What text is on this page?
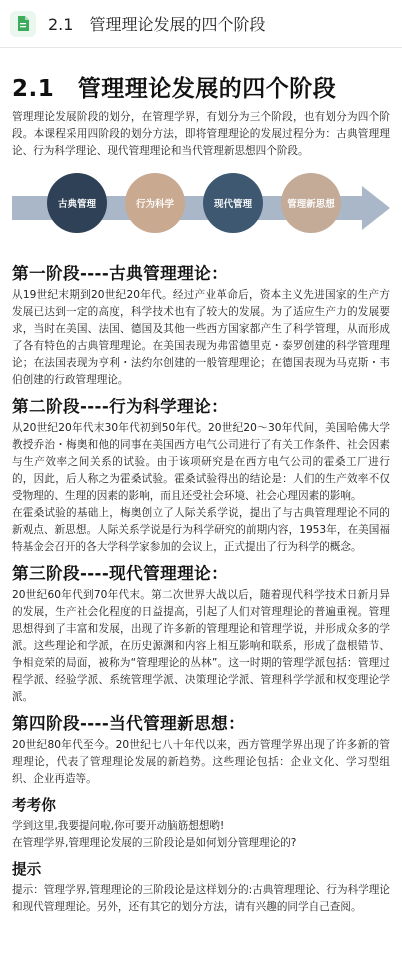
2.1　管理理论发展的四个阶段
2.1　管理理论发展的四个阶段

管理理论发展阶段的划分，在管理学界，有划分为三个阶段，也有划分为四个阶段。本课程采用四阶段的划分方法，即将管理理论的发展过程分为：古典管理理论、行为科学理论、现代管理理论和当代管理新思想四个阶段。

古典管理	行为科学	现代管理	管理新思想
第一阶段----古典管理理论：

从19世纪末期到20世纪20年代。经过产业革命后，资本主义先进国家的生产方发展已达到一定的高度，科学技术也有了较大的发展。为了适应生产力的发展要求，当时在美国、法国、德国及其他一些西方国家都产生了科学管理，从而形成了各有特色的古典管理理论。在美国表现为弗雷德里克・泰罗创建的科学管理理论；在法国表现为亨利・法约尔创建的一般管理理论；在德国表现为马克斯・韦伯创建的行政管理理论。

第二阶段----行为科学理论：

从20世纪20年代末30年代初到50年代。20世纪20～30年代间，美国哈佛大学教授乔治・梅奥和他的同事在美国西方电气公司进行了有关工作条件、社会因素与生产效率之间关系的试验。由于该项研究是在西方电气公司的霍桑工厂进行的，因此，后人称之为霍桑试验。霍桑试验得出的结论是：人们的生产效率不仅受物理的、生理的因素的影响，而且还受社会环境、社会心理因素的影响。

在霍桑试验的基础上，梅奥创立了人际关系学说，提出了与古典管理理论不同的新观点、新思想。人际关系学说是行为科学研究的前期内容，1953年，在美国福特基金会召开的各大学科学家参加的会议上，正式提出了行为科学的概念。

第三阶段----现代管理理论：

20世纪60年代到70年代末。第二次世界大战以后，随着现代科学技术日新月异的发展，生产社会化程度的日益提高，引起了人们对管理理论的普遍重视。管理思想得到了丰富和发展，出现了许多新的管理理论和管理学说，并形成众多的学派。这些理论和学派，在历史源渊和内容上相互影响和联系，形成了盘根错节、争相竞荣的局面，被称为“管理理论的丛林”。这一时期的管理学派包括：管理过程学派、经验学派、系统管理学派、决策理论学派、管理科学学派和权变理论学派。

第四阶段----当代管理新思想：

20世纪80年代至今。20世纪七八十年代以来，西方管理学界出现了许多新的管理理论，代表了管理理论发展的新趋势。这些理论包括：企业文化、学习型组织、企业再造等。

考考你

学到这里,我要提问啦,你可要开动脑筋想想哟!

在管理学界,管理理论发展的三阶段论是如何划分管理理论的?

提示

提示：管理学界,管理理论的三阶段论是这样划分的:古典管理理论、行为科学理论和现代管理理论。另外，还有其它的划分方法，请有兴趣的同学自己查阅。
